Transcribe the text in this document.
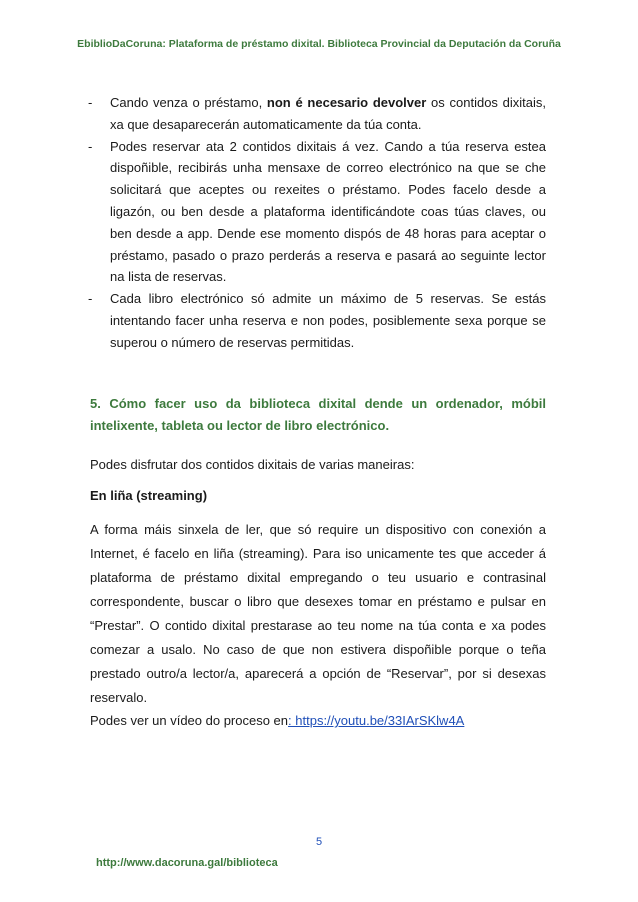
EbiblioDaCoruna: Plataforma de préstamo dixital. Biblioteca Provincial da Deputación da Coruña
- Cando venza o préstamo, non é necesario devolver os contidos dixitais, xa que desaparecerán automaticamente da túa conta.
- Podes reservar ata 2 contidos dixitais á vez. Cando a túa reserva estea dispoñible, recibirás unha mensaxe de correo electrónico na que se che solicitará que aceptes ou rexeites o préstamo. Podes facelo desde a ligazón, ou ben desde a plataforma identificándote coas túas claves, ou ben desde a app. Dende ese momento dispós de 48 horas para aceptar o préstamo, pasado o prazo perderás a reserva e pasará ao seguinte lector na lista de reservas.
- Cada libro electrónico só admite un máximo de 5 reservas. Se estás intentando facer unha reserva e non podes, posiblemente sexa porque se superou o número de reservas permitidas.

5. Cómo facer uso da biblioteca dixital dende un ordenador, móbil intelixente, tableta ou lector de libro electrónico.

Podes disfrutar dos contidos dixitais de varias maneiras:

En liña (streaming)

A forma máis sinxela de ler, que só require un dispositivo con conexión a Internet, é facelo en liña (streaming). Para iso unicamente tes que acceder á plataforma de préstamo dixital empregando o teu usuario e contrasinal correspondente, buscar o libro que desexes tomar en préstamo e pulsar en “Prestar”. O contido dixital prestarase ao teu nome na túa conta e xa podes comezar a usalo. No caso de que non estivera dispoñible porque o teña prestado outro/a lector/a, aparecerá a opción de “Reservar”, por si desexas reservalo.

Podes ver un vídeo do proceso en: https://youtu.be/33IArSKlw4A

5
http://www.dacoruna.gal/biblioteca
